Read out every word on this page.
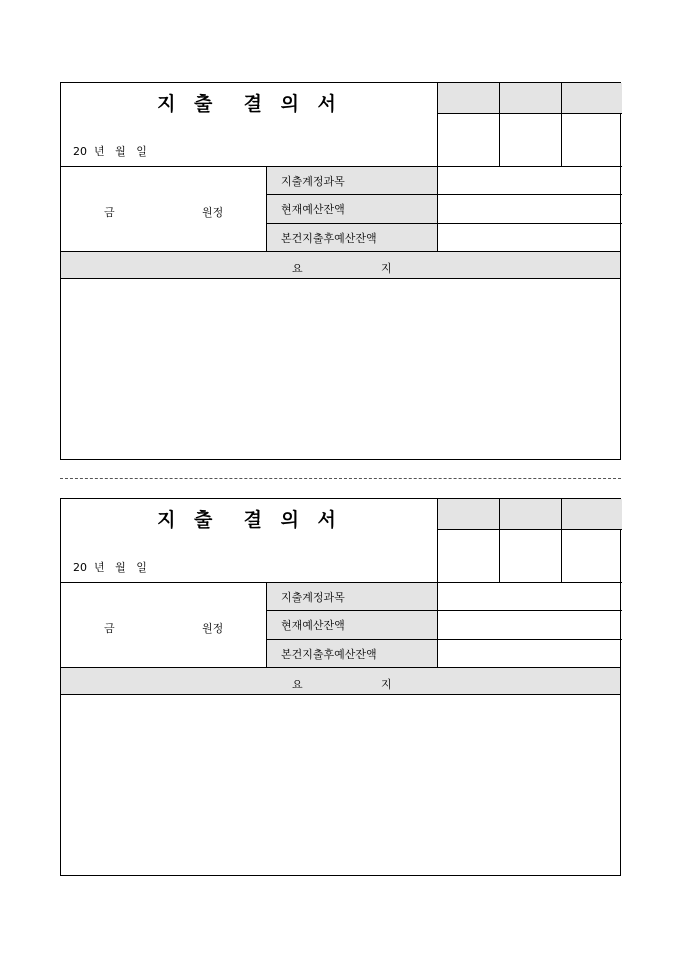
지 출  결 의 서
20  년   월   일
금	원정
지출계정과목
현재예산잔액
본건지출후예산잔액
요	지
지 출  결 의 서
20  년   월   일
금	원정
지출계정과목
현재예산잔액
본건지출후예산잔액
요	지
